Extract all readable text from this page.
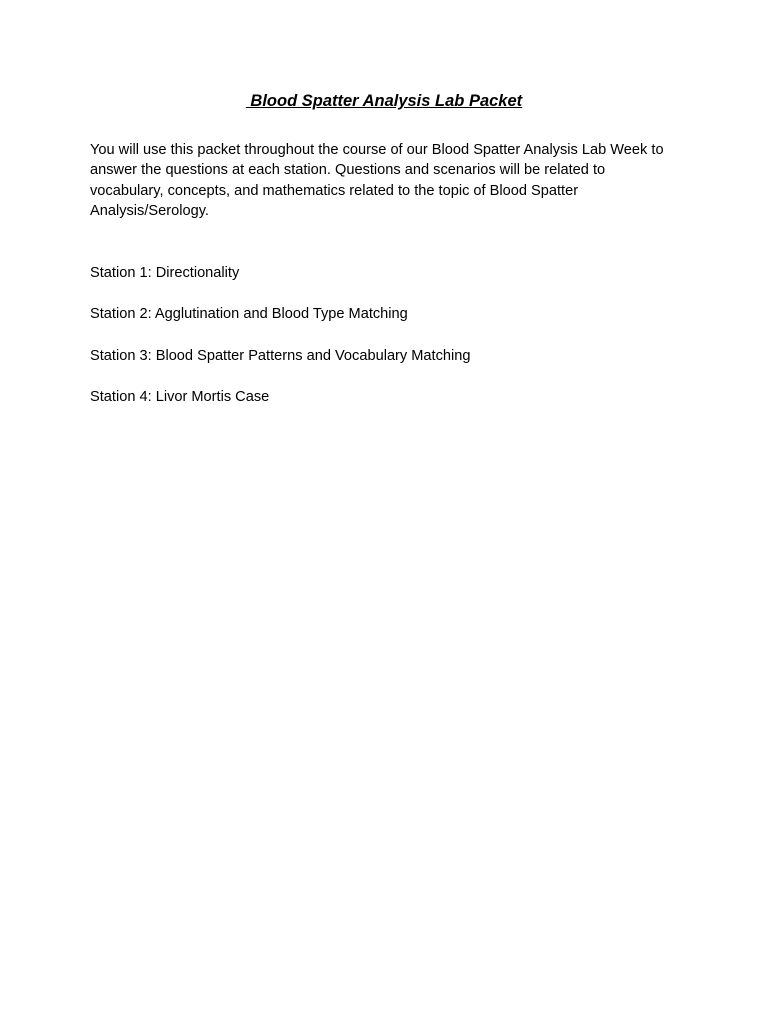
Blood Spatter Analysis Lab Packet

You will use this packet throughout the course of our Blood Spatter Analysis Lab Week to answer the questions at each station. Questions and scenarios will be related to vocabulary, concepts, and mathematics related to the topic of Blood Spatter Analysis/Serology.

Station 1: Directionality
Station 2: Agglutination and Blood Type Matching
Station 3: Blood Spatter Patterns and Vocabulary Matching
Station 4: Livor Mortis Case
